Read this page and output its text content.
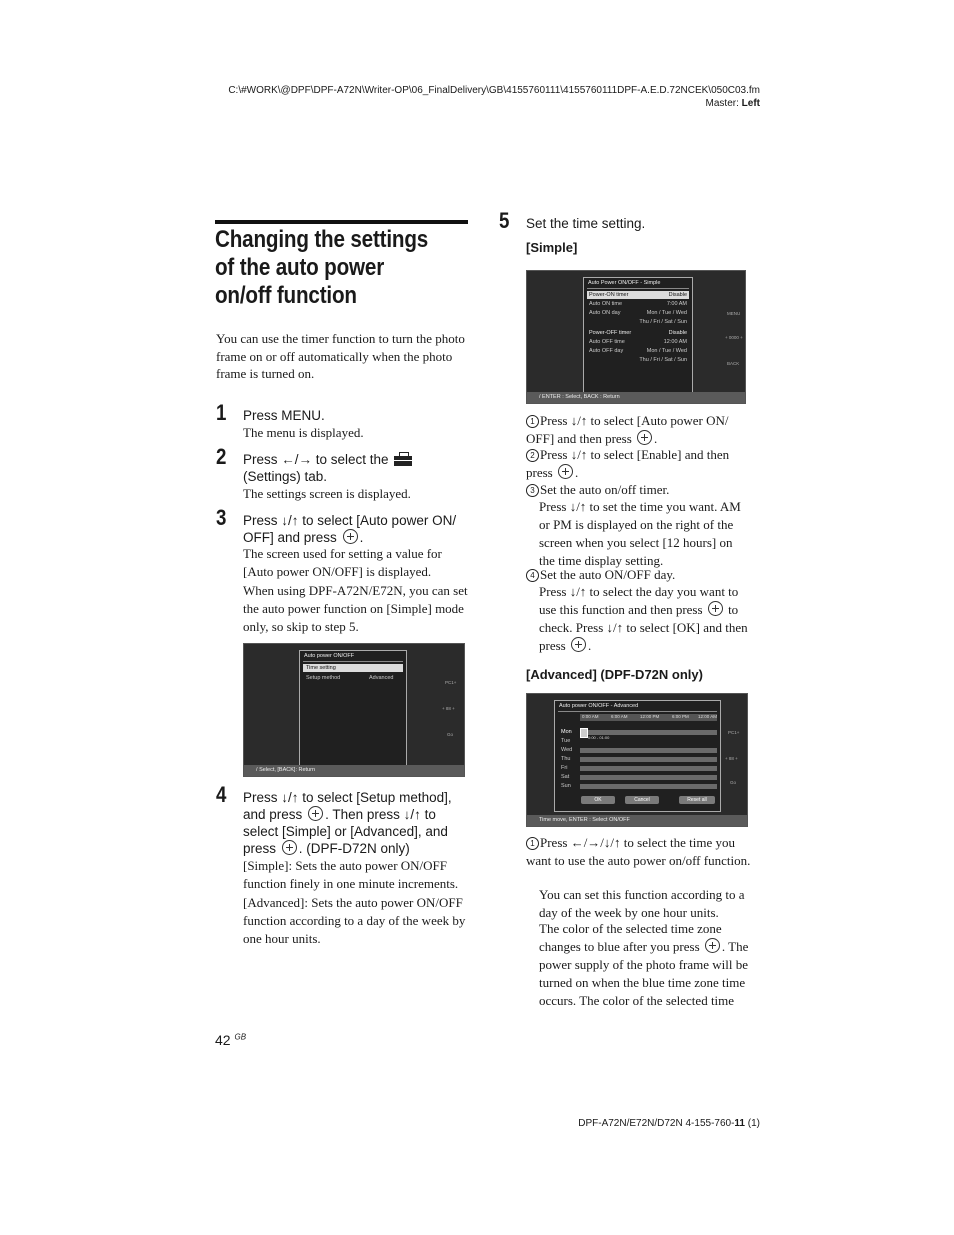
C:\#WORK\@DPF\DPF-A72N\Writer-OP\06_FinalDelivery\GB\4155760111\4155760111DPF-A.E.D.72NCEK\050C03.fm
Master: Left
Changing the settings of the auto power on/off function
You can use the timer function to turn the photo frame on or off automatically when the photo frame is turned on.
1 Press MENU.
The menu is displayed.
2 Press ←/→ to select the

(Settings) tab.
The settings screen is displayed.
3 Press ↓/↑ to select [Auto power ON/ OFF] and press .
The screen used for setting a value for [Auto power ON/OFF] is displayed.
When using DPF-A72N/E72N, you can set the auto power function on [Simple] mode only, so skip to step 5.
Auto power ON/OFF
Time setting
Setup method	Advanced
PC1+
+ 88 +
Go
/ Select, [BACK]: Return
4 Press ↓/↑ to select [Setup method], and press . Then press ↓/↑ to select [Simple] or [Advanced], and press . (DPF-D72N only)
[Simple]: Sets the auto power ON/OFF function finely in one minute increments.
[Advanced]: Sets the auto power ON/OFF function according to a day of the week by one hour units.
5 Set the time setting.
[Simple]
Auto Power ON/OFF - Simple
Power-ON timer	Disable
Auto ON time	7:00 AM
Auto ON day	Mon / Tue / Wed
Thu / Fri / Sat / Sun
Power-OFF timer	Disable
Auto OFF time	12:00 AM
Auto OFF day	Mon / Tue / Wed
Thu / Fri / Sat / Sun
MENU
+ 0000 +
BACK
/ ENTER : Select, BACK : Return
1 Press ↓/↑ to select [Auto power ON/ OFF] and then press .
2 Press ↓/↑ to select [Enable] and then press .
3 Set the auto on/off timer.
Press ↓/↑ to set the time you want. AM or PM is displayed on the right of the screen when you select [12 hours] on the time display setting.
4 Set the auto ON/OFF day.
Press ↓/↑ to select the day you want to use this function and then press to check. Press ↓/↑ to select [OK] and then press .
[Advanced] (DPF-D72N only)
Auto power ON/OFF - Advanced
0:00 AM	6:00 AM	12:00 PM	6:00 PM 12:00 AM
Mon
Tue
Wed
Thu
Fri
Sat
Sun
0:00 - 01:00
OK	Cancel	Reset all
PC1+
+ 88 +
Go
Time move, ENTER : Select ON/OFF
1 Press ←/→/↓/↑ to select the time you want to use the auto power on/off function.
You can set this function according to a day of the week by one hour units.
The color of the selected time zone changes to blue after you press . The power supply of the photo frame will be turned on when the blue time zone time occurs. The color of the selected time
42 $^{GB}$
DPF-A72N/E72N/D72N 4-155-760-11 (1)
